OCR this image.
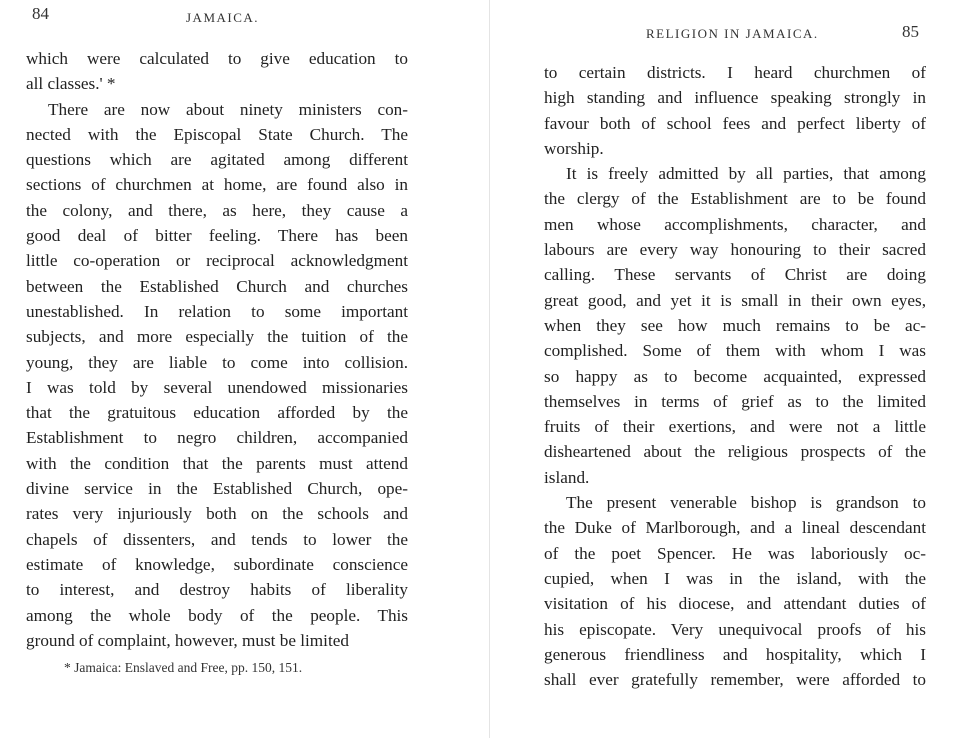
84	JAMAICA.
which were calculated to give education to
all classes.' *
There are now about ninety ministers con-
nected with the Episcopal State Church. The
questions which are agitated among different
sections of churchmen at home, are found also in
the colony, and there, as here, they cause a
good deal of bitter feeling. There has been
little co-operation or reciprocal acknowledgment
between the Established Church and churches
unestablished. In relation to some important
subjects, and more especially the tuition of the
young, they are liable to come into collision.
I was told by several unendowed missionaries
that the gratuitous education afforded by the
Establishment to negro children, accompanied
with the condition that the parents must attend
divine service in the Established Church, ope-
rates very injuriously both on the schools and
chapels of dissenters, and tends to lower the
estimate of knowledge, subordinate conscience
to interest, and destroy habits of liberality
among the whole body of the people. This
ground of complaint, however, must be limited
* Jamaica: Enslaved and Free, pp. 150, 151.
RELIGION IN JAMAICA.	85
to certain districts. I heard churchmen of
high standing and influence speaking strongly in
favour both of school fees and perfect liberty of
worship.
It is freely admitted by all parties, that among
the clergy of the Establishment are to be found
men whose accomplishments, character, and
labours are every way honouring to their sacred
calling. These servants of Christ are doing
great good, and yet it is small in their own eyes,
when they see how much remains to be ac-
complished. Some of them with whom I was
so happy as to become acquainted, expressed
themselves in terms of grief as to the limited
fruits of their exertions, and were not a little
disheartened about the religious prospects of the
island.
The present venerable bishop is grandson to
the Duke of Marlborough, and a lineal descendant
of the poet Spencer. He was laboriously oc-
cupied, when I was in the island, with the
visitation of his diocese, and attendant duties of
his episcopate. Very unequivocal proofs of his
generous friendliness and hospitality, which I
shall ever gratefully remember, were afforded to
